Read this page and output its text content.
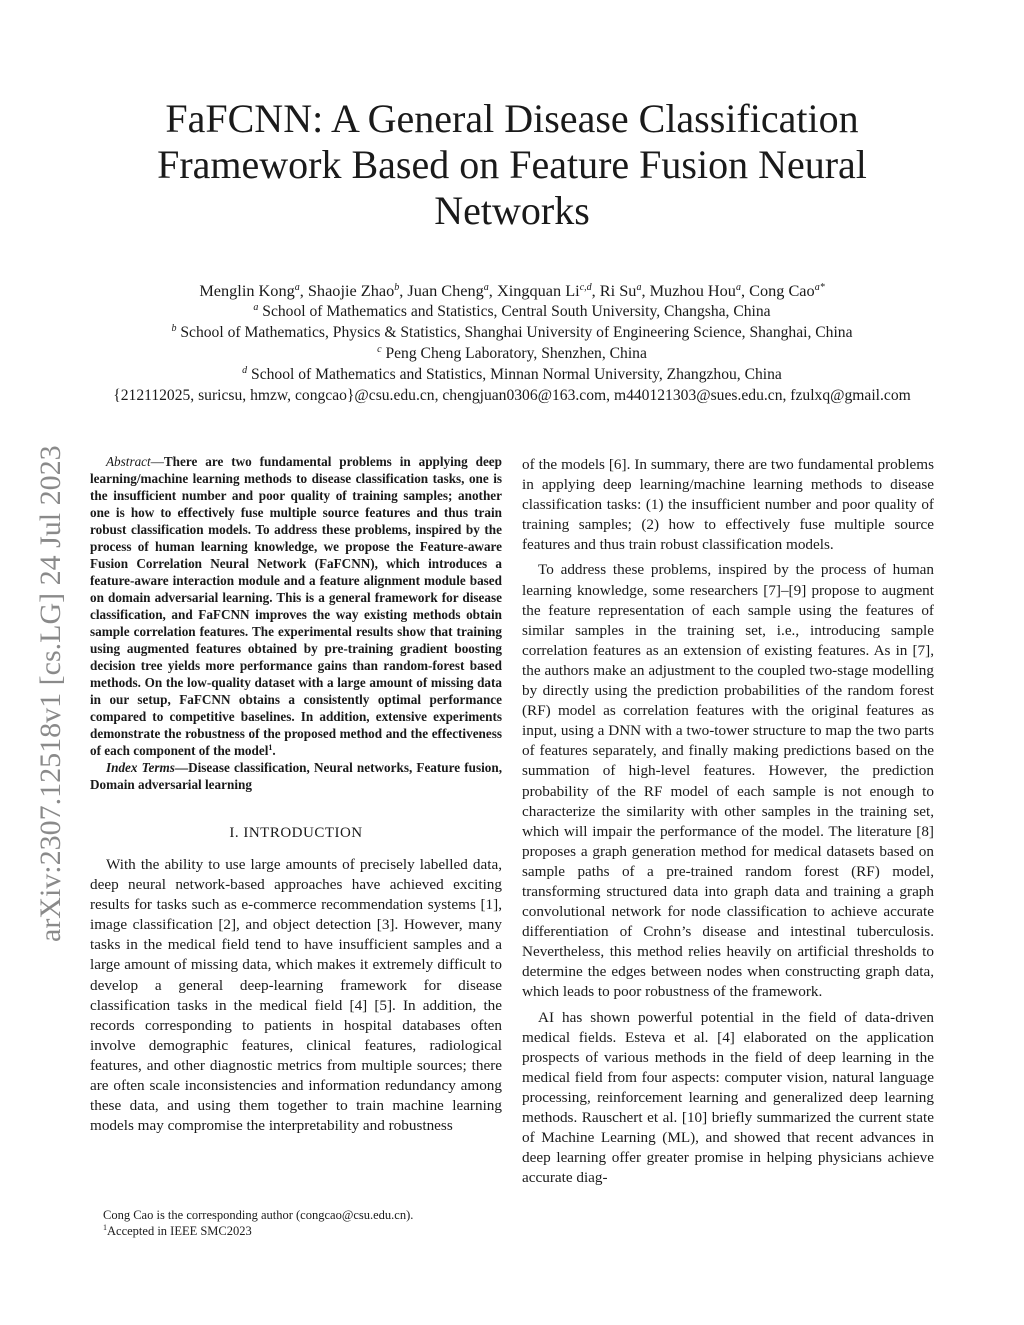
FaFCNN: A General Disease Classification
Framework Based on Feature Fusion Neural
Networks
Menglin Kong$^a$, Shaojie Zhao$^b$, Juan Cheng$^a$, Xingquan Li$^{c,d}$, Ri Su$^a$, Muzhou Hou$^a$, Cong Cao$^{a*}$
$^a$ School of Mathematics and Statistics, Central South University, Changsha, China
$^b$ School of Mathematics, Physics & Statistics, Shanghai University of Engineering Science, Shanghai, China
$^c$ Peng Cheng Laboratory, Shenzhen, China
$^d$ School of Mathematics and Statistics, Minnan Normal University, Zhangzhou, China
{212112025, suricsu, hmzw, congcao}@csu.edu.cn, chengjuan0306@163.com, m440121303@sues.edu.cn, fzulxq@gmail.com
arXiv:2307.12518v1 [cs.LG] 24 Jul 2023	Abstract—There are two fundamental problems in applying deep learning/machine learning methods to disease classification tasks, one is the insufficient number and poor quality of training samples; another one is how to effectively fuse multiple source features and thus train robust classification models. To address these problems, inspired by the process of human learning knowledge, we propose the Feature-aware Fusion Correlation Neural Network (FaFCNN), which introduces a feature-aware interaction module and a feature alignment module based on domain adversarial learning. This is a general framework for disease classification, and FaFCNN improves the way existing methods obtain sample correlation features. The experimental results show that training using augmented features obtained by pre-training gradient boosting decision tree yields more performance gains than random-forest based methods. On the low-quality dataset with a large amount of missing data in our setup, FaFCNN obtains a consistently optimal performance compared to competitive baselines. In addition, extensive experiments demonstrate the robustness of the proposed method and the effectiveness of each component of the model$^1$.

Index Terms—Disease classification, Neural networks, Feature fusion, Domain adversarial learning

I. INTRODUCTION

With the ability to use large amounts of precisely labelled data, deep neural network-based approaches have achieved exciting results for tasks such as e-commerce recommendation systems [1], image classification [2], and object detection [3]. However, many tasks in the medical field tend to have insufficient samples and a large amount of missing data, which makes it extremely difficult to develop a general deep-learning framework for disease classification tasks in the medical field [4] [5]. In addition, the records corresponding to patients in hospital databases often involve demographic features, clinical features, radiological features, and other diagnostic metrics from multiple sources; there are often scale inconsistencies and information redundancy among these data, and using them together to train machine learning models may compromise the interpretability and robustness

of the models [6]. In summary, there are two fundamental problems in applying deep learning/machine learning methods to disease classification tasks: (1) the insufficient number and poor quality of training samples; (2) how to effectively fuse multiple source features and thus train robust classification models.

To address these problems, inspired by the process of human learning knowledge, some researchers [7]–[9] propose to augment the feature representation of each sample using the features of similar samples in the training set, i.e., introducing sample correlation features as an extension of existing features. As in [7], the authors make an adjustment to the coupled two-stage modelling by directly using the prediction probabilities of the random forest (RF) model as correlation features with the original features as input, using a DNN with a two-tower structure to map the two parts of features separately, and finally making predictions based on the summation of high-level features. However, the prediction probability of the RF model of each sample is not enough to characterize the similarity with other samples in the training set, which will impair the performance of the model. The literature [8] proposes a graph generation method for medical datasets based on sample paths of a pre-trained random forest (RF) model, transforming structured data into graph data and training a graph convolutional network for node classification to achieve accurate differentiation of Crohn’s disease and intestinal tuberculosis. Nevertheless, this method relies heavily on artificial thresholds to determine the edges between nodes when constructing graph data, which leads to poor robustness of the framework.

AI has shown powerful potential in the field of data-driven medical fields. Esteva et al. [4] elaborated on the application prospects of various methods in the field of deep learning in the medical field from four aspects: computer vision, natural language processing, reinforcement learning and generalized deep learning methods. Rauschert et al. [10] briefly summarized the current state of Machine Learning (ML), and showed that recent advances in deep learning offer greater promise in helping physicians achieve accurate diag-

Cong Cao is the corresponding author (congcao@csu.edu.cn).
$^1$Accepted in IEEE SMC2023
